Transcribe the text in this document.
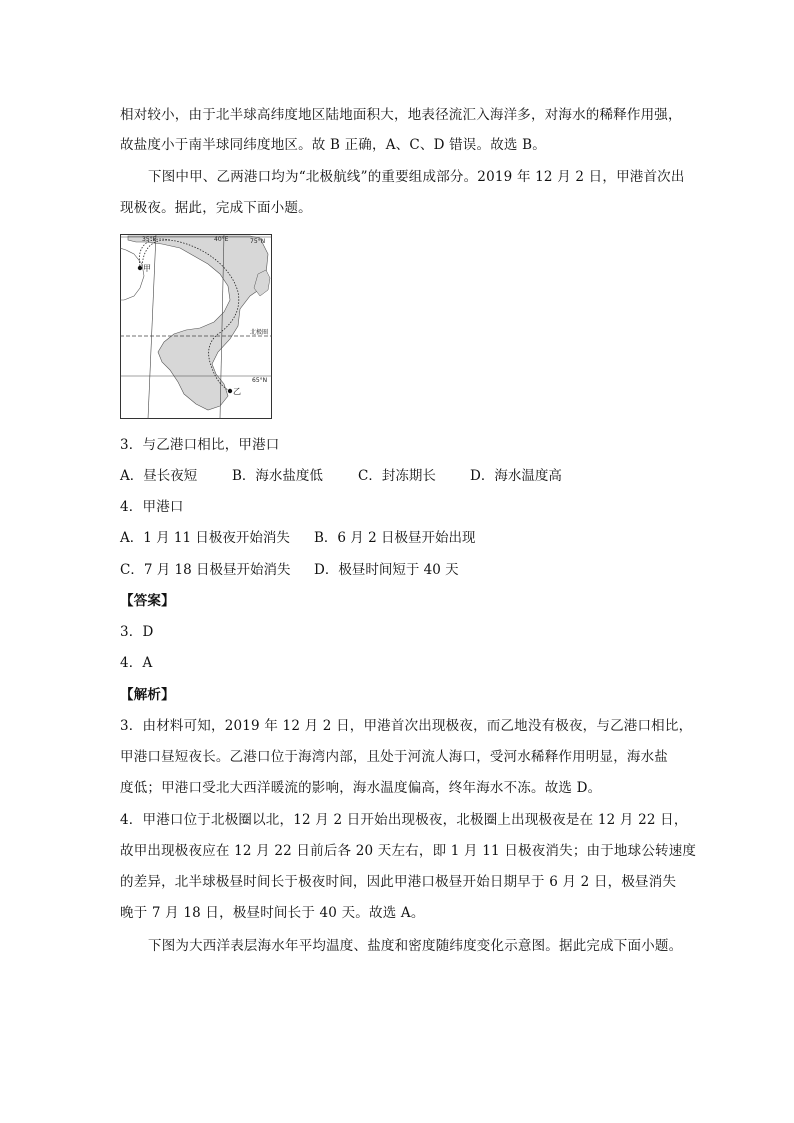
相对较小，由于北半球高纬度地区陆地面积大，地表径流汇入海洋多，对海水的稀释作用强，
故盐度小于南半球同纬度地区。故 B 正确，A、C、D 错误。故选 B。
下图中甲、乙两港口均为“北极航线”的重要组成部分。2019 年 12 月 2 日，甲港首次出
现极夜。据此，完成下面小题。
甲
乙
35°E	40°E	75°N
65°N
北极圈
3．与乙港口相比，甲港口
A．昼长夜短	B．海水盐度低	C．封冻期长	D．海水温度高
4．甲港口
A．1 月 11 日极夜开始消失 B．6 月 2 日极昼开始出现
C．7 月 18 日极昼开始消失 D．极昼时间短于 40 天
【答案】
3．D
4．A
【解析】
3．由材料可知，2019 年 12 月 2 日，甲港首次出现极夜，而乙地没有极夜，与乙港口相比，
甲港口昼短夜长。乙港口位于海湾内部，且处于河流人海口，受河水稀释作用明显，海水盐
度低；甲港口受北大西洋暖流的影响，海水温度偏高，终年海水不冻。故选 D。
4．甲港口位于北极圈以北，12 月 2 日开始出现极夜，北极圈上出现极夜是在 12 月 22 日，
故甲出现极夜应在 12 月 22 日前后各 20 天左右，即 1 月 11 日极夜消失；由于地球公转速度
的差异，北半球极昼时间长于极夜时间，因此甲港口极昼开始日期早于 6 月 2 日，极昼消失
晚于 7 月 18 日，极昼时间长于 40 天。故选 A。
下图为大西洋表层海水年平均温度、盐度和密度随纬度变化示意图。据此完成下面小题。
